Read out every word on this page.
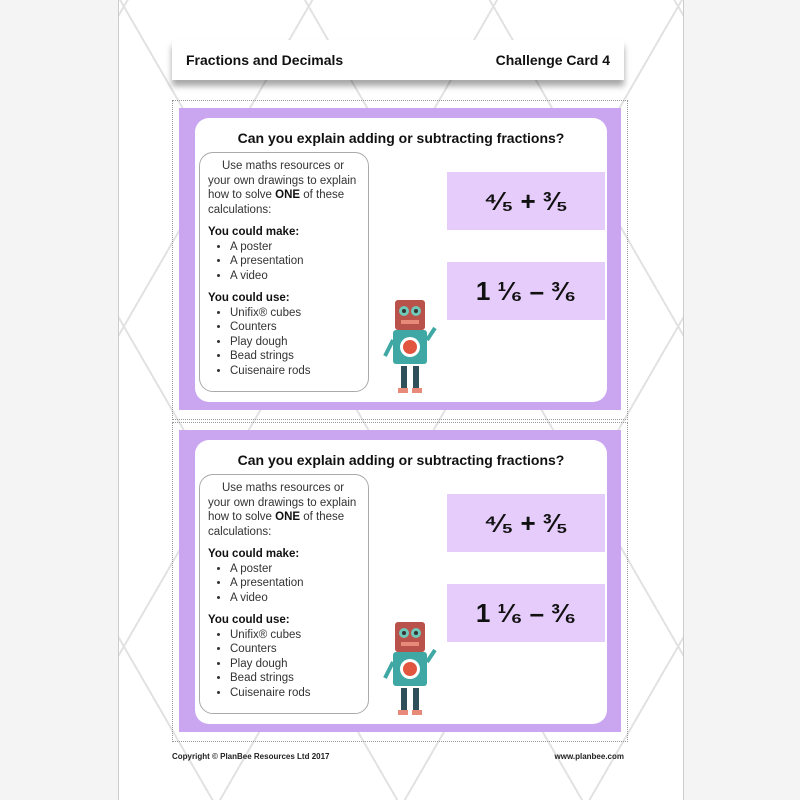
Fractions and Decimals	Challenge Card 4
Can you explain adding or subtracting fractions?
Use maths resources or your own drawings to explain how to solve ONE of these calculations:
You could make:
• A poster
• A presentation
• A video
You could use:
• Unifix® cubes
• Counters
• Play dough
• Bead strings
• Cuisenaire rods
⁴⁄₅ + ³⁄₅
1 ¹⁄₆ – ³⁄₆
Can you explain adding or subtracting fractions?
Use maths resources or your own drawings to explain how to solve ONE of these calculations:
You could make:
• A poster
• A presentation
• A video
You could use:
• Unifix® cubes
• Counters
• Play dough
• Bead strings
• Cuisenaire rods
⁴⁄₅ + ³⁄₅
1 ¹⁄₆ – ³⁄₆
Copyright © PlanBee Resources Ltd 2017	www.planbee.com
